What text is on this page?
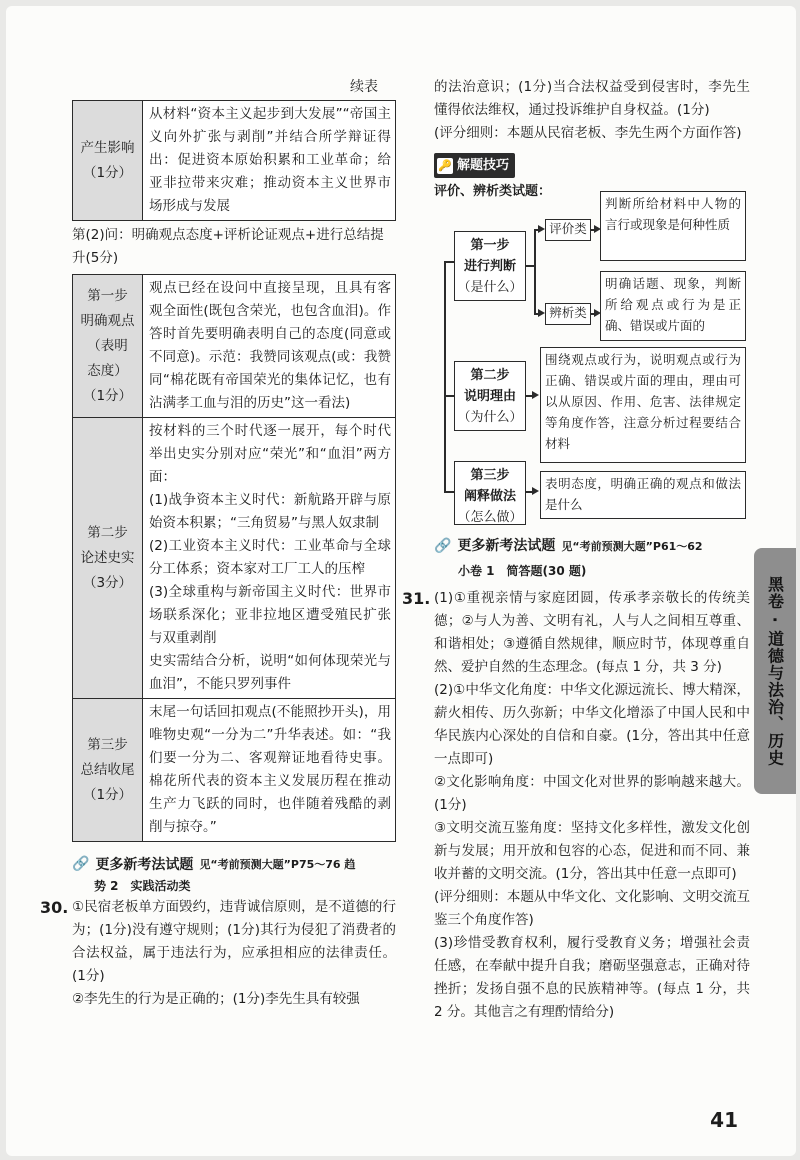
续表
产生影响
（1分）	从材料“资本主义起步到大发展”“帝国主义向外扩张与剥削”并结合所学辩证得出：促进资本原始积累和工业革命；给亚非拉带来灾难；推动资本主义世界市场形成与发展
第(2)问：明确观点态度+评析论证观点+进行总结提升(5分)
第一步
明确观点
（表明
态度）
（1分）	观点已经在设问中直接呈现，且具有客观全面性(既包含荣光，也包含血泪)。作答时首先要明确表明自己的态度(同意或不同意)。示范：我赞同该观点(或：我赞同“棉花既有帝国荣光的集体记忆，也有沾满孝工血与泪的历史”这一看法)
第二步
论述史实
（3分）	按材料的三个时代逐一展开，每个时代举出史实分别对应“荣光”和“血泪”两方面：
(1)战争资本主义时代：新航路开辟与原始资本积累；“三角贸易”与黑人奴隶制
(2)工业资本主义时代：工业革命与全球分工体系；资本家对工厂工人的压榨
(3)全球重构与新帝国主义时代：世界市场联系深化；亚非拉地区遭受殖民扩张与双重剥削
史实需结合分析，说明“如何体现荣光与血泪”，不能只罗列事件
第三步
总结收尾
（1分）	末尾一句话回扣观点(不能照抄开头)，用唯物史观“一分为二”升华表述。如：“我们要一分为二、客观辩证地看待史事。棉花所代表的资本主义发展历程在推动生产力飞跃的同时，也伴随着残酷的剥削与掠夺。”
🔗 更多新考法试题 见“考前预测大题”P75～76 趋
势 2　实践活动类
30. ①民宿老板单方面毁约，违背诚信原则，是不道德的行为；(1分)没有遵守规则；(1分)其行为侵犯了消费者的合法权益，属于违法行为，应承担相应的法律责任。(1分)
②李先生的行为是正确的；(1分)李先生具有较强

的法治意识；(1分)当合法权益受到侵害时，李先生懂得依法维权，通过投诉维护自身权益。(1分)
(评分细则：本题从民宿老板、李先生两个方面作答)

🔑 解题技巧
评价、辨析类试题：
第一步
进行判断
（是什么）
评价类
辨析类
判断所给材料中人物的言行或现象是何种性质
明确话题、现象，判断所给观点或行为是正确、错误或片面的
第二步
说明理由
（为什么）
围绕观点或行为，说明观点或行为正确、错误或片面的理由，理由可以从原因、作用、危害、法律规定等角度作答，注意分析过程要结合材料
第三步
阐释做法
（怎么做）
表明态度，明确正确的观点和做法是什么
🔗 更多新考法试题 见“考前预测大题”P61～62
小卷 1　简答题(30 题)
31. (1)①重视亲情与家庭团圆，传承孝亲敬长的传统美德；②与人为善、文明有礼，人与人之间相互尊重、和谐相处；③遵循自然规律，顺应时节，体现尊重自然、爱护自然的生态理念。(每点 1 分，共 3 分)
(2)①中华文化角度：中华文化源远流长、博大精深，薪火相传、历久弥新；中华文化增添了中国人民和中华民族内心深处的自信和自豪。(1分，答出其中任意一点即可)
②文化影响角度：中国文化对世界的影响越来越大。(1分)
③文明交流互鉴角度：坚持文化多样性，激发文化创新与发展；用开放和包容的心态，促进和而不同、兼收并蓄的文明交流。(1分，答出其中任意一点即可)
(评分细则：本题从中华文化、文化影响、文明交流互鉴三个角度作答)
(3)珍惜受教育权利，履行受教育义务；增强社会责任感，在奉献中提升自我；磨砺坚强意志，正确对待挫折；发扬自强不息的民族精神等。(每点 1 分，共 2 分。其他言之有理酌情给分)

黑卷 · 道德与法治、历史
41
